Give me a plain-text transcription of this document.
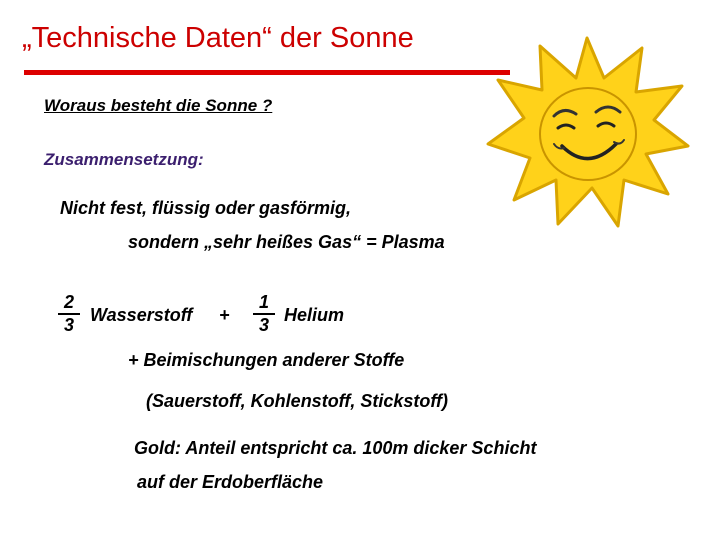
„Technische Daten“ der Sonne
Woraus besteht die Sonne ?
Zusammensetzung:
Nicht fest, flüssig oder gasförmig,
sondern „sehr heißes Gas“ = Plasma
2
3 Wasserstoff +
1
3 Helium
+ Beimischungen anderer Stoffe
(Sauerstoff, Kohlenstoff, Stickstoff)
Gold: Anteil entspricht ca. 100m dicker Schicht
auf der Erdoberfläche
